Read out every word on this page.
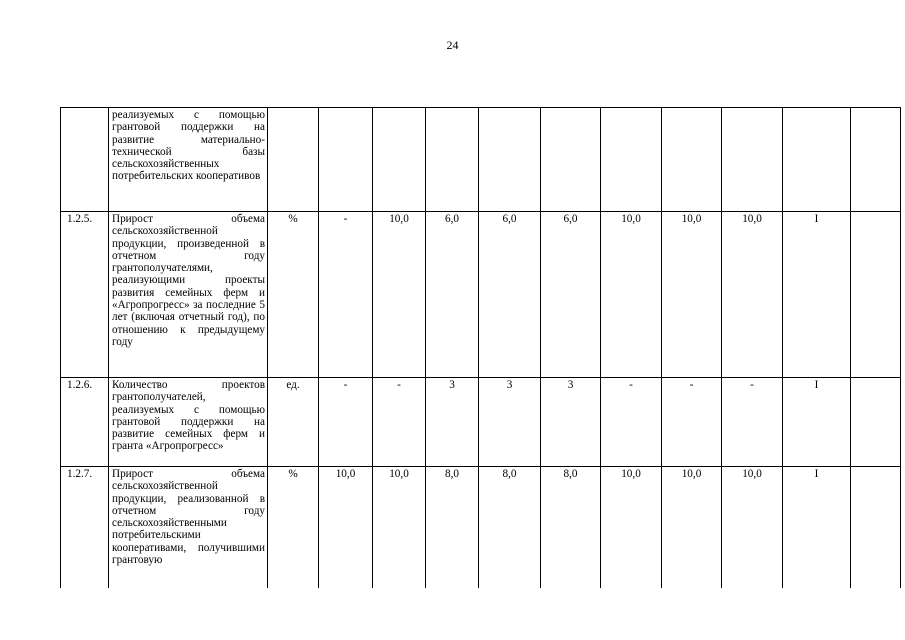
24
	реализуемых с помощью грантовой поддержки на развитие материально-технической базы сельскохозяйственных потребительских кооперативов											
1.2.5.	Прирост объема сельскохозяйственной продукции, произведенной в отчетном году грантополучателями, реализующими проекты развития семейных ферм и «Агропрогресс» за последние 5 лет (включая отчетный год), по отношению к предыдущему году	%	-	10,0	6,0	6,0	6,0	10,0	10,0	10,0	I	
1.2.6.	Количество проектов грантополучателей, реализуемых с помощью грантовой поддержки на развитие семейных ферм и гранта «Агропрогресс»	ед.	-	-	3	3	3	-	-	-	I	
1.2.7.	Прирост объема сельскохозяйственной продукции, реализованной в отчетном году сельскохозяйственными потребительскими кооперативами, получившими грантовую	%	10,0	10,0	8,0	8,0	8,0	10,0	10,0	10,0	I	
